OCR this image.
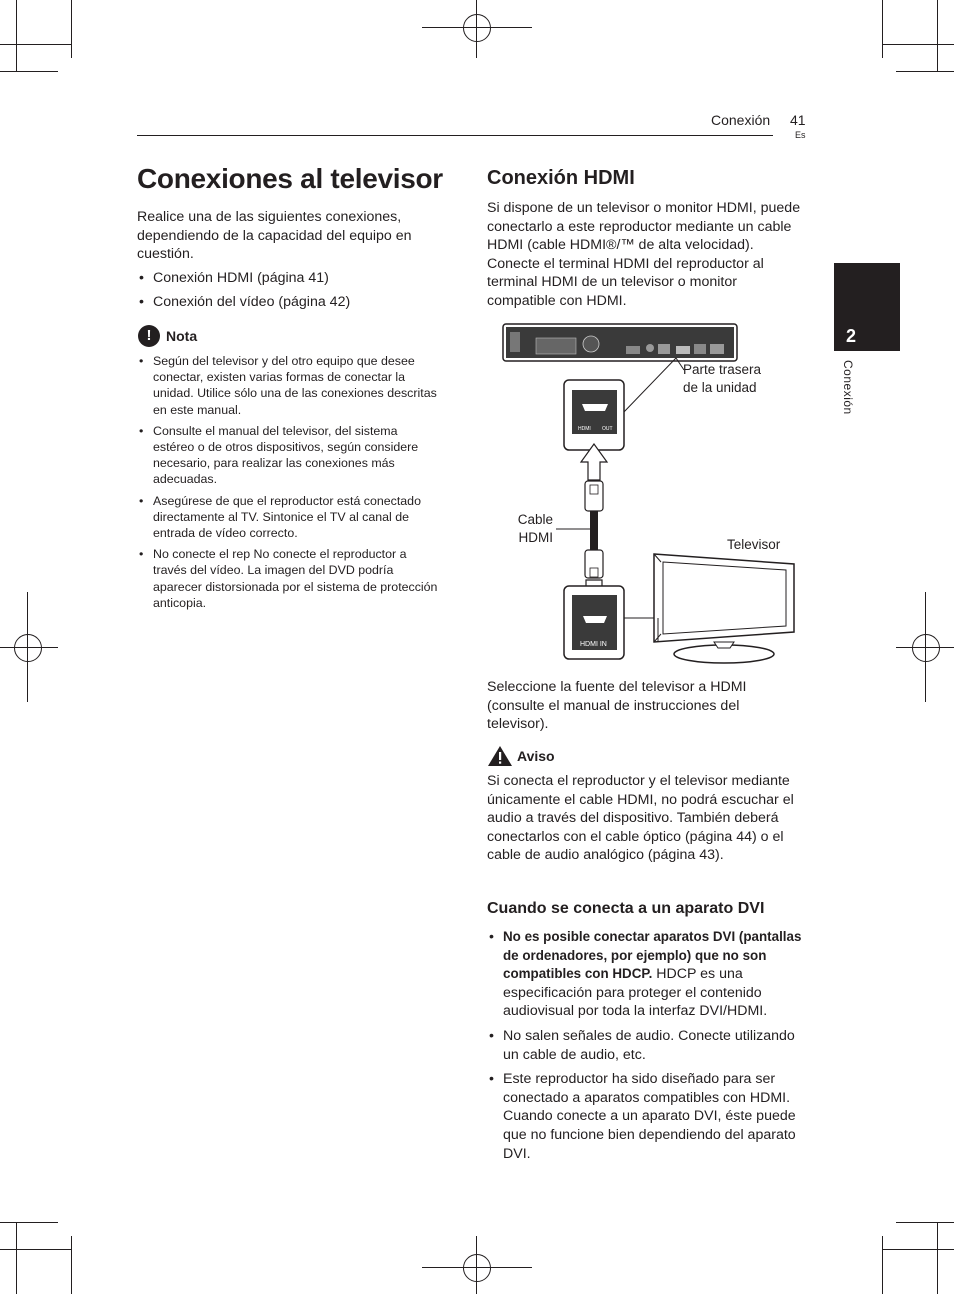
Conexión 41
Es
2
Conexión
Conexiones al televisor
Realice una de las siguientes conexiones, dependiendo de la capacidad del equipo en cuestión.
• Conexión HDMI (página 41)
• Conexión del vídeo (página 42)
!	Nota
• Según del televisor y del otro equipo que desee conectar, existen varias formas de conectar la unidad. Utilice sólo una de las conexiones descritas en este manual.
• Consulte el manual del televisor, del sistema estéreo o de otros dispositivos, según considere necesario, para realizar las conexiones más adecuadas.
• Asegúrese de que el reproductor está conectado directamente al TV. Sintonice el TV al canal de entrada de vídeo correcto.
• No conecte el rep No conecte el reproductor a través del vídeo. La imagen del DVD podría aparecer distorsionada por el sistema de protección anticopia.
Conexión HDMI
Si dispone de un televisor o monitor HDMI, puede conectarlo a este reproductor mediante un cable HDMI (cable HDMI®/™ de alta velocidad). Conecte el terminal HDMI del reproductor al terminal HDMI de un televisor o monitor compatible con HDMI.
HDMI OUT
HDMI IN
Parte trasera
de la unidad
Cable
HDMI	Televisor
Seleccione la fuente del televisor a HDMI (consulte el manual de instrucciones del televisor).
Aviso
Si conecta el reproductor y el televisor mediante únicamente el cable HDMI, no podrá escuchar el audio a través del dispositivo. También deberá conectarlos con el cable óptico (página 44) o el cable de audio analógico (página 43).
Cuando se conecta a un aparato DVI
• No es posible conectar aparatos DVI (pantallas de ordenadores, por ejemplo) que no son compatibles con HDCP. HDCP es una especificación para proteger el contenido audiovisual por toda la interfaz DVI/HDMI.
• No salen señales de audio. Conecte utilizando un cable de audio, etc.
• Este reproductor ha sido diseñado para ser conectado a aparatos compatibles con HDMI. Cuando conecte a un aparato DVI, éste puede que no funcione bien dependiendo del aparato DVI.
